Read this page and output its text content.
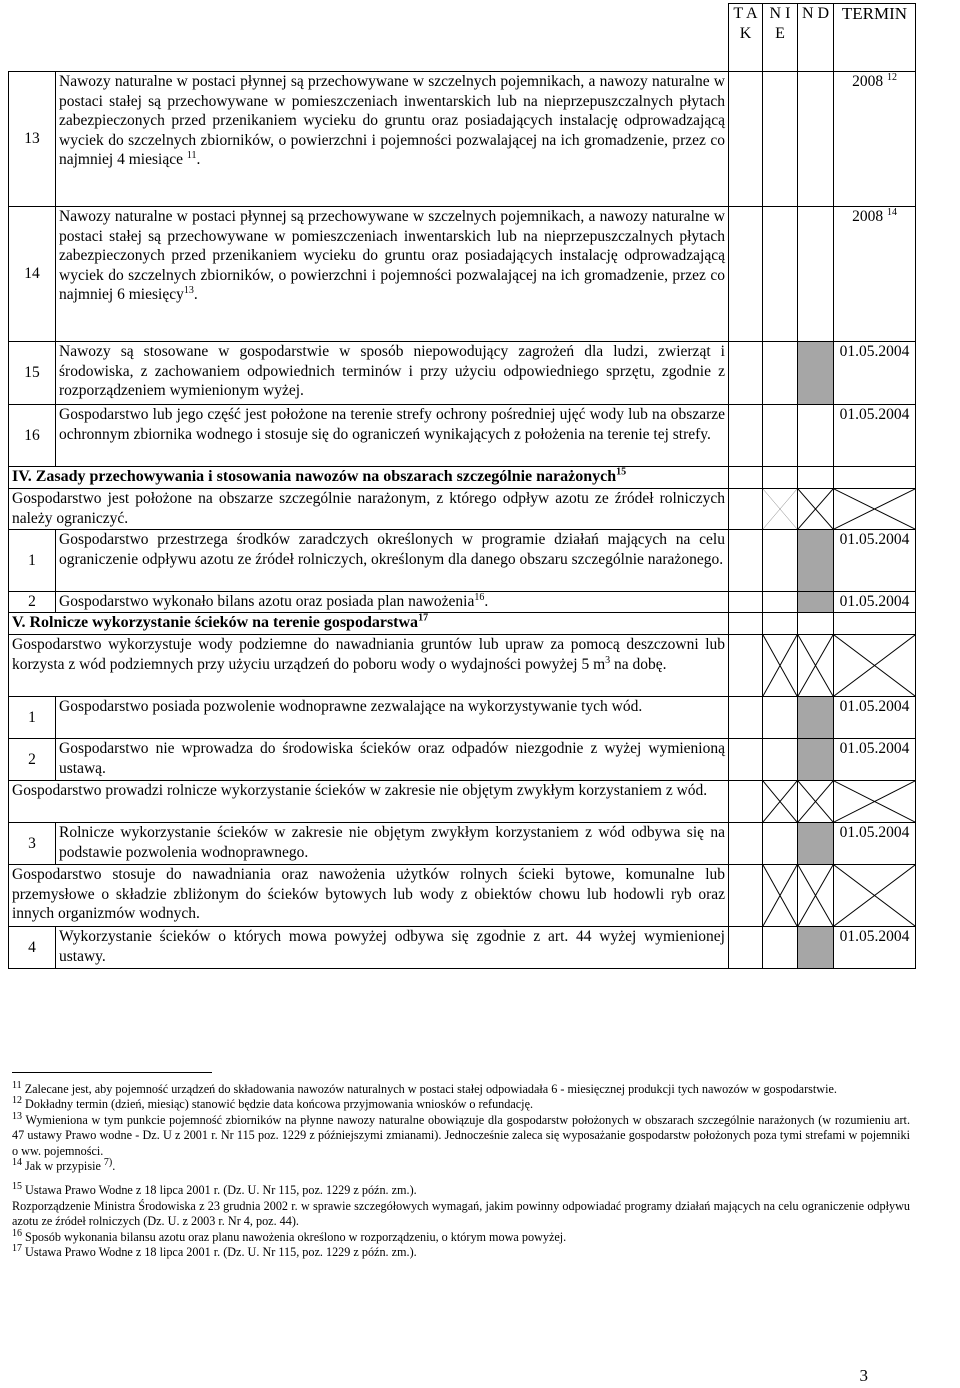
		T A K	N I E	N D	TERMIN
13	Nawozy naturalne w postaci płynnej są przechowywane w szczelnych pojemnikach, a nawozy naturalne w postaci stałej są przechowywane w pomieszczeniach inwentarskich lub na nieprzepuszczalnych płytach zabezpieczonych przed przenikaniem wycieku do gruntu oraz posiadających instalację odprowadzającą wyciek do szczelnych zbiorników, o powierzchni i pojemności pozwalającej na ich gromadzenie, przez co najmniej 4 miesiące $^{11}$.				2008 $^{12}$
14	Nawozy naturalne w postaci płynnej są przechowywane w szczelnych pojemnikach, a nawozy naturalne w postaci stałej są przechowywane w pomieszczeniach inwentarskich lub na nieprzepuszczalnych płytach zabezpieczonych przed przenikaniem wycieku do gruntu oraz posiadających instalację odprowadzającą wyciek do szczelnych zbiorników, o powierzchni i pojemności pozwalającej na ich gromadzenie, przez co najmniej 6 miesięcy$^{13}$.				2008 $^{14}$
15	Nawozy są stosowane w gospodarstwie w sposób niepowodujący zagrożeń dla ludzi, zwierząt i środowiska, z zachowaniem odpowiednich terminów i przy użyciu odpowiedniego sprzętu, zgodnie z rozporządzeniem wymienionym wyżej.				01.05.2004
16	Gospodarstwo lub jego część jest położone na terenie strefy ochrony pośredniej ujęć wody lub na obszarze ochronnym zbiornika wodnego i stosuje się do ograniczeń wynikających z położenia na terenie tej strefy.				01.05.2004
IV. Zasady przechowywania i stosowania nawozów na obszarach szczególnie narażonych$^{15}$				
Gospodarstwo jest położone na obszarze szczególnie narażonym, z którego odpływ azotu ze źródeł rolniczych należy ograniczyć.		

1	Gospodarstwo przestrzega środków zaradczych określonych w programie działań mających na celu ograniczenie odpływu azotu ze źródeł rolniczych, określonym dla danego obszaru szczególnie narażonego.				01.05.2004
2	Gospodarstwo wykonało bilans azotu oraz posiada plan nawożenia$^{16}$.				01.05.2004
V. Rolnicze wykorzystanie ścieków na terenie gospodarstwa$^{17}$				
Gospodarstwo wykorzystuje wody podziemne do nawadniania gruntów lub upraw za pomocą deszczowni lub korzysta z wód podziemnych przy użyciu urządzeń do poboru wody o wydajności powyżej 5 $m^3$ na dobę.		

1	Gospodarstwo posiada pozwolenie wodnoprawne zezwalające na wykorzystywanie tych wód.				01.05.2004
2	Gospodarstwo nie wprowadza do środowiska ścieków oraz odpadów niezgodnie z wyżej wymienioną ustawą.				01.05.2004
Gospodarstwo prowadzi rolnicze wykorzystanie ścieków w zakresie nie objętym zwykłym korzystaniem z wód.		

3	Rolnicze wykorzystanie ścieków w zakresie nie objętym zwykłym korzystaniem z wód odbywa się na podstawie pozwolenia wodnoprawnego.				01.05.2004
Gospodarstwo stosuje do nawadniania oraz nawożenia użytków rolnych ścieki bytowe, komunalne lub przemysłowe o składzie zbliżonym do ścieków bytowych lub wody z obiektów chowu lub hodowli ryb oraz innych organizmów wodnych.		

4	Wykorzystanie ścieków o których mowa powyżej odbywa się zgodnie z art. 44 wyżej wymienionej ustawy.				01.05.2004

$^{11}$ Zalecane jest, aby pojemność urządzeń do składowania nawozów naturalnych w postaci stałej odpowiadała 6 - miesięcznej produkcji tych nawozów w gospodarstwie.

$^{12}$ Dokładny termin (dzień, miesiąc) stanowić będzie data końcowa przyjmowania wniosków o refundację.

$^{13}$ Wymieniona w tym punkcie pojemność zbiorników na płynne nawozy naturalne obowiązuje dla gospodarstw położonych w obszarach szczególnie narażonych (w rozumieniu art. 47 ustawy Prawo wodne - Dz. U z 2001 r. Nr 115 poz. 1229 z późniejszymi zmianami). Jednocześnie zaleca się wyposażanie gospodarstw położonych poza tymi strefami w pojemniki o ww. pojemności.

$^{14}$ Jak w przypisie $^{7)}$.

$^{15}$ Ustawa Prawo Wodne z 18 lipca 2001 r. (Dz. U. Nr 115, poz. 1229 z późn. zm.).

Rozporządzenie Ministra Środowiska z 23 grudnia 2002 r. w sprawie szczegółowych wymagań, jakim powinny odpowiadać programy działań mających na celu ograniczenie odpływu azotu ze źródeł rolniczych (Dz. U. z 2003 r. Nr 4, poz. 44).

$^{16}$ Sposób wykonania bilansu azotu oraz planu nawożenia określono w rozporządzeniu, o którym mowa powyżej.

$^{17}$ Ustawa Prawo Wodne z 18 lipca 2001 r. (Dz. U. Nr 115, poz. 1229 z późn. zm.).

3
